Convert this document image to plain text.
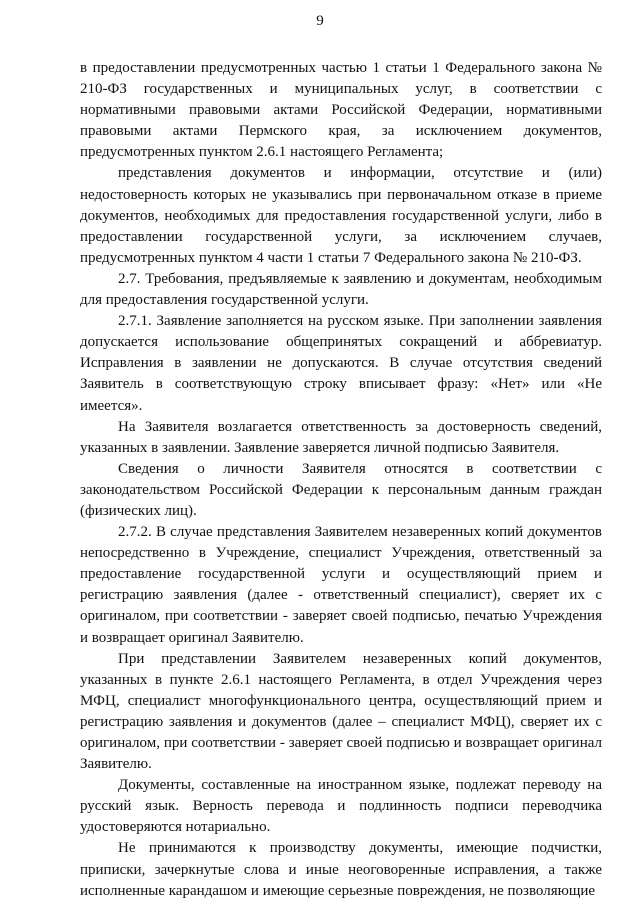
9

в предоставлении предусмотренных частью 1 статьи 1 Федерального закона № 210-ФЗ государственных и муниципальных услуг, в соответствии с нормативными правовыми актами Российской Федерации, нормативными правовыми актами Пермского края, за исключением документов, предусмотренных пунктом 2.6.1 настоящего Регламента;

представления документов и информации, отсутствие и (или) недостоверность которых не указывались при первоначальном отказе в приеме документов, необходимых для предоставления государственной услуги, либо в предоставлении государственной услуги, за исключением случаев, предусмотренных пунктом 4 части 1 статьи 7 Федерального закона № 210-ФЗ.

2.7. Требования, предъявляемые к заявлению и документам, необходимым для предоставления государственной услуги.

2.7.1. Заявление заполняется на русском языке. При заполнении заявления допускается использование общепринятых сокращений и аббревиатур. Исправления в заявлении не допускаются. В случае отсутствия сведений Заявитель в соответствующую строку вписывает фразу: «Нет» или «Не имеется».

На Заявителя возлагается ответственность за достоверность сведений, указанных в заявлении. Заявление заверяется личной подписью Заявителя.

Сведения о личности Заявителя относятся в соответствии с законодательством Российской Федерации к персональным данным граждан (физических лиц).

2.7.2. В случае представления Заявителем незаверенных копий документов непосредственно в Учреждение, специалист Учреждения, ответственный за предоставление государственной услуги и осуществляющий прием и регистрацию заявления (далее - ответственный специалист), сверяет их с оригиналом, при соответствии - заверяет своей подписью, печатью Учреждения и возвращает оригинал Заявителю.

При представлении Заявителем незаверенных копий документов, указанных в пункте 2.6.1 настоящего Регламента, в отдел Учреждения через МФЦ, специалист многофункционального центра, осуществляющий прием и регистрацию заявления и документов (далее – специалист МФЦ), сверяет их с оригиналом, при соответствии - заверяет своей подписью и возвращает оригинал Заявителю.

Документы, составленные на иностранном языке, подлежат переводу на русский язык. Верность перевода и подлинность подписи переводчика удостоверяются нотариально.

Не принимаются к производству документы, имеющие подчистки, приписки, зачеркнутые слова и иные неоговоренные исправления, а также исполненные карандашом и имеющие серьезные повреждения, не позволяющие
